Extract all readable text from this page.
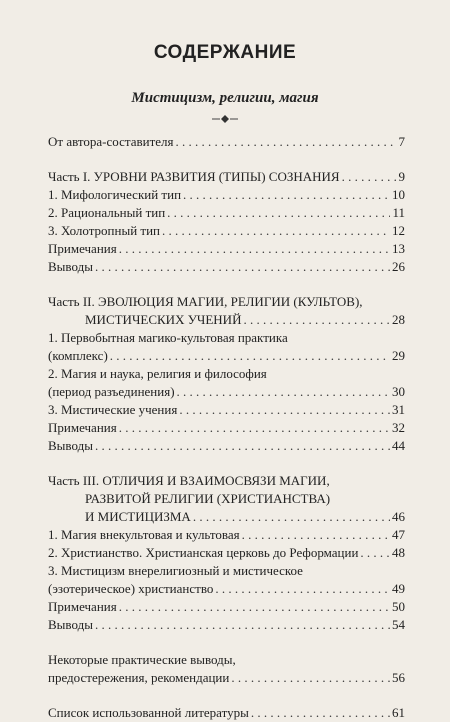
СОДЕРЖАНИЕ
Мистицизм, религии, магия
От автора-составителя . . .	7
Часть I. УРОВНИ РАЗВИТИЯ (ТИПЫ) СОЗНАНИЯ . . .	9
1. Мифологический тип . . .	10
2. Рациональный тип . . .	11
3. Холотропный тип . . .	12
Примечания . . .	13
Выводы . . .	26
Часть II. ЭВОЛЮЦИЯ МАГИИ, РЕЛИГИИ (КУЛЬТОВ),
МИСТИЧЕСКИХ УЧЕНИЙ . . .	28
1. Первобытная магико-культовая практика
(комплекс) . . .	29
2. Магия и наука, религия и философия
(период разъединения) . . .	30
3. Мистические учения . . .	31
Примечания . . .	32
Выводы . . .	44
Часть III. ОТЛИЧИЯ И ВЗАИМОСВЯЗИ МАГИИ,
РАЗВИТОЙ РЕЛИГИИ (ХРИСТИАНСТВА)
И МИСТИЦИЗМА . . .	46
1. Магия внекультовая и культовая . . .	47
2. Христианство. Христианская церковь до Реформации . . .	48
3. Мистицизм внерелигиозный и мистическое
(эзотерическое) христианство . . .	49
Примечания . . .	50
Выводы . . .	54
Некоторые практические выводы,
предостережения, рекомендации . . .	56
Список использованной литературы . . .	61
